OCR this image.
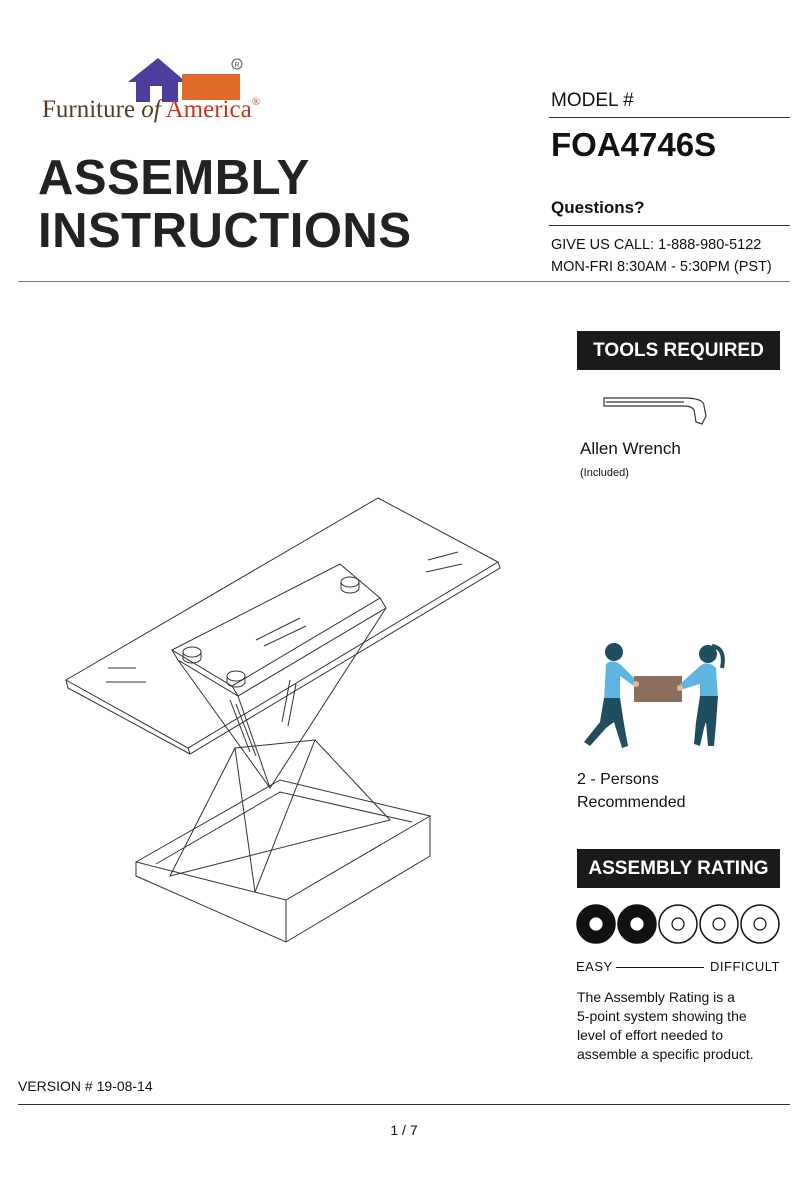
R
Furniture of America®
ASSEMBLY
INSTRUCTIONS
MODEL #
FOA4746S
Questions?
GIVE US CALL: 1-888-980-5122
MON-FRI 8:30AM - 5:30PM (PST)
TOOLS REQUIRED
Allen Wrench
(Included)
2 - Persons
Recommended
ASSEMBLY RATING
EASY	DIFFICULT
The Assembly Rating is a
5-point system showing the
level of effort needed to
assemble a specific product.
VERSION # 19-08-14
1 / 7
